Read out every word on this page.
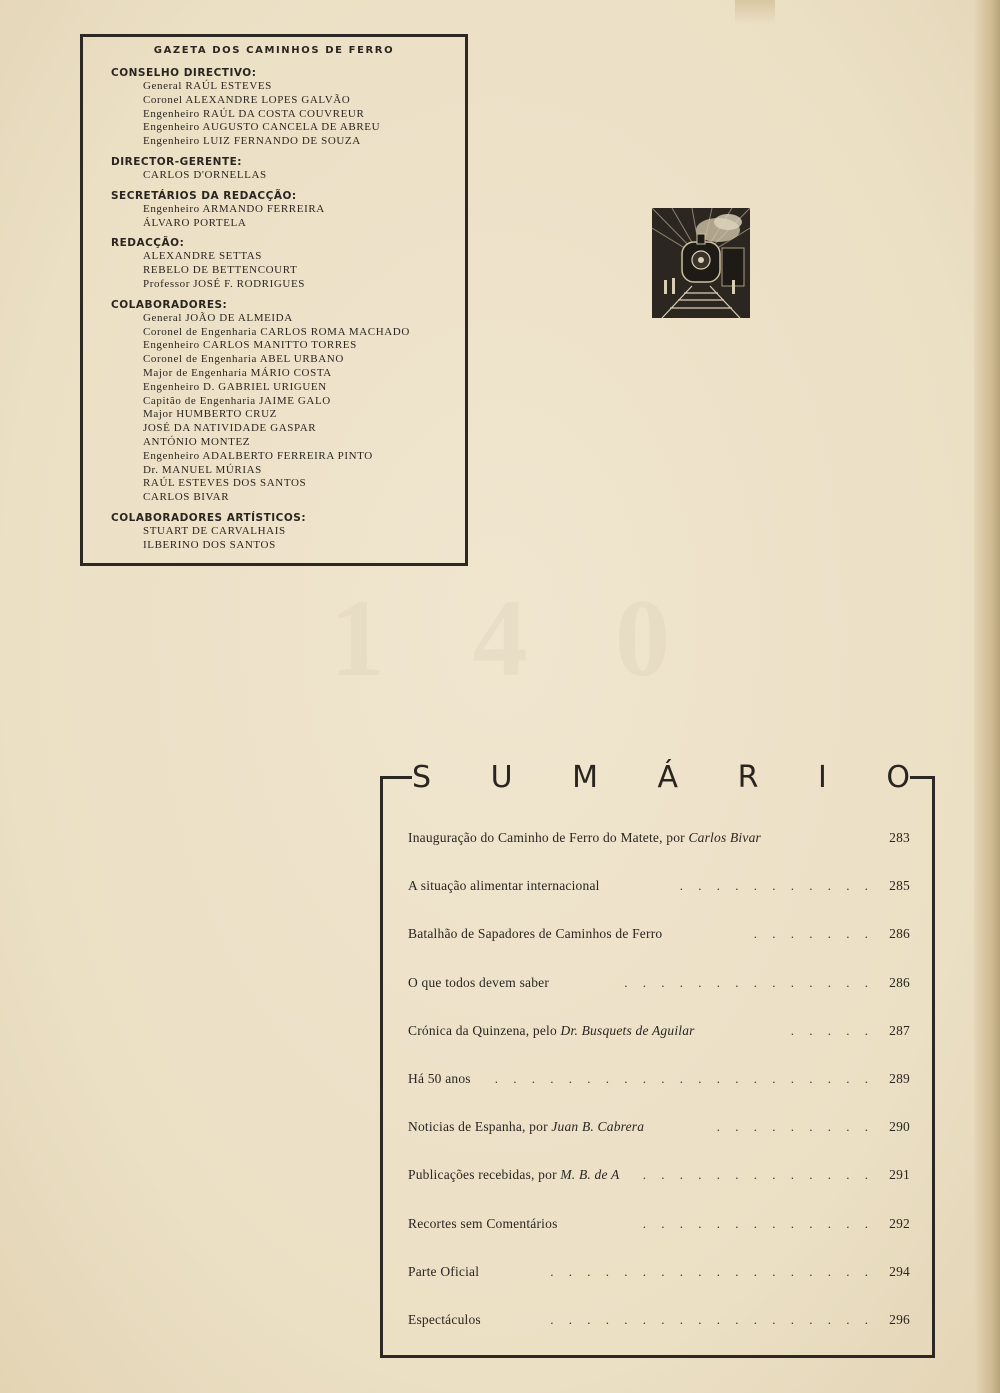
1 4 0
GAZETA DOS CAMINHOS DE FERRO
CONSELHO DIRECTIVO:
General RAÚL ESTEVES
Coronel ALEXANDRE LOPES GALVÃO
Engenheiro RAÚL DA COSTA COUVREUR
Engenheiro AUGUSTO CANCELA DE ABREU
Engenheiro LUIZ FERNANDO DE SOUZA
DIRECTOR-GERENTE:
CARLOS D'ORNELLAS
SECRETÁRIOS DA REDACÇÃO:
Engenheiro ARMANDO FERREIRA
ÁLVARO PORTELA
REDACÇÃO:
ALEXANDRE SETTAS
REBELO DE BETTENCOURT
Professor JOSÉ F. RODRIGUES
COLABORADORES:
General JOÃO DE ALMEIDA
Coronel de Engenharia CARLOS ROMA MACHADO
Engenheiro CARLOS MANITTO TORRES
Coronel de Engenharia ABEL URBANO
Major de Engenharia MÁRIO COSTA
Engenheiro D. GABRIEL URIGUEN
Capitão de Engenharia JAIME GALO
Major HUMBERTO CRUZ
JOSÉ DA NATIVIDADE GASPAR
ANTÓNIO MONTEZ
Engenheiro ADALBERTO FERREIRA PINTO
Dr. MANUEL MÚRIAS
RAÚL ESTEVES DOS SANTOS
CARLOS BIVAR
COLABORADORES ARTÍSTICOS:
STUART DE CARVALHAIS
ILBERINO DOS SANTOS
S U M Á R I O
Inauguração do Caminho de Ferro do Matete, por Carlos Bivar	283
A situação alimentar internacional	. . . . . . . . . . .	285
Batalhão de Sapadores de Caminhos de Ferro	. . . . . . .	286
O que todos devem saber	. . . . . . . . . . . . . .	286
Crónica da Quinzena, pelo Dr. Busquets de Aguilar	. . . . .	287
Há 50 anos . . . . . . . . . . . . . . . . . . . . .	289
Noticias de Espanha, por Juan B. Cabrera	. . . . . . . . .	290
Publicações recebidas, por M. B. de A . . . . . . . . . . . . .	291
Recortes sem Comentários	. . . . . . . . . . . . .	292
Parte Oficial	. . . . . . . . . . . . . . . . . .	294
Espectáculos	. . . . . . . . . . . . . . . . . .	296
